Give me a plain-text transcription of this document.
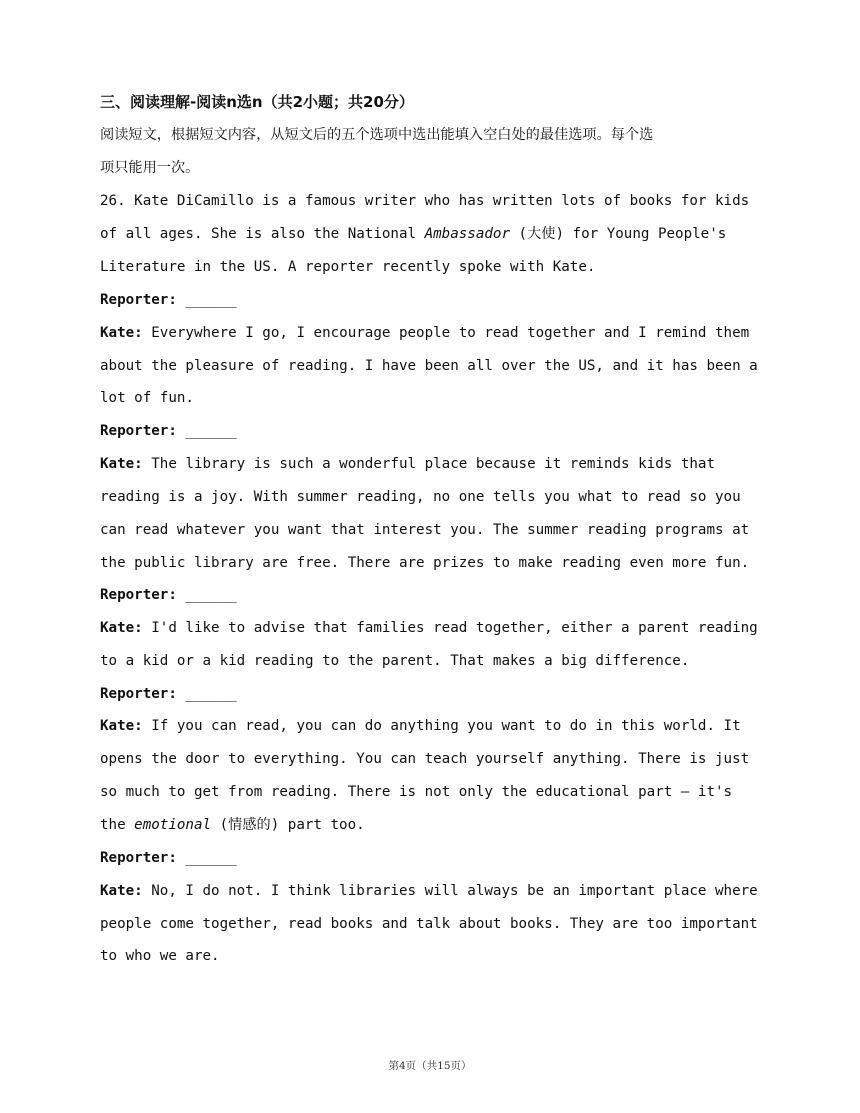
三、阅读理解-阅读n选n（共2小题；共20分）
阅读短文，根据短文内容，从短文后的五个选项中选出能填入空白处的最佳选项。每个选
项只能用一次。
26. Kate DiCamillo is a famous writer who has written lots of books for kids
of all ages. She is also the National Ambassador (大使) for Young People's
Literature in the US. A reporter recently spoke with Kate.
Reporter: ______
Kate: Everywhere I go, I encourage people to read together and I remind them
about the pleasure of reading. I have been all over the US, and it has been a
lot of fun.
Reporter: ______
Kate: The library is such a wonderful place because it reminds kids that
reading is a joy. With summer reading, no one tells you what to read so you
can read whatever you want that interest you. The summer reading programs at
the public library are free. There are prizes to make reading even more fun.
Reporter: ______
Kate: I'd like to advise that families read together, either a parent reading
to a kid or a kid reading to the parent. That makes a big difference.
Reporter: ______
Kate: If you can read, you can do anything you want to do in this world. It
opens the door to everything. You can teach yourself anything. There is just
so much to get from reading. There is not only the educational part — it's
the emotional (情感的) part too.
Reporter: ______
Kate: No, I do not. I think libraries will always be an important place where
people come together, read books and talk about books. They are too important
to who we are.
第4页（共15页）
